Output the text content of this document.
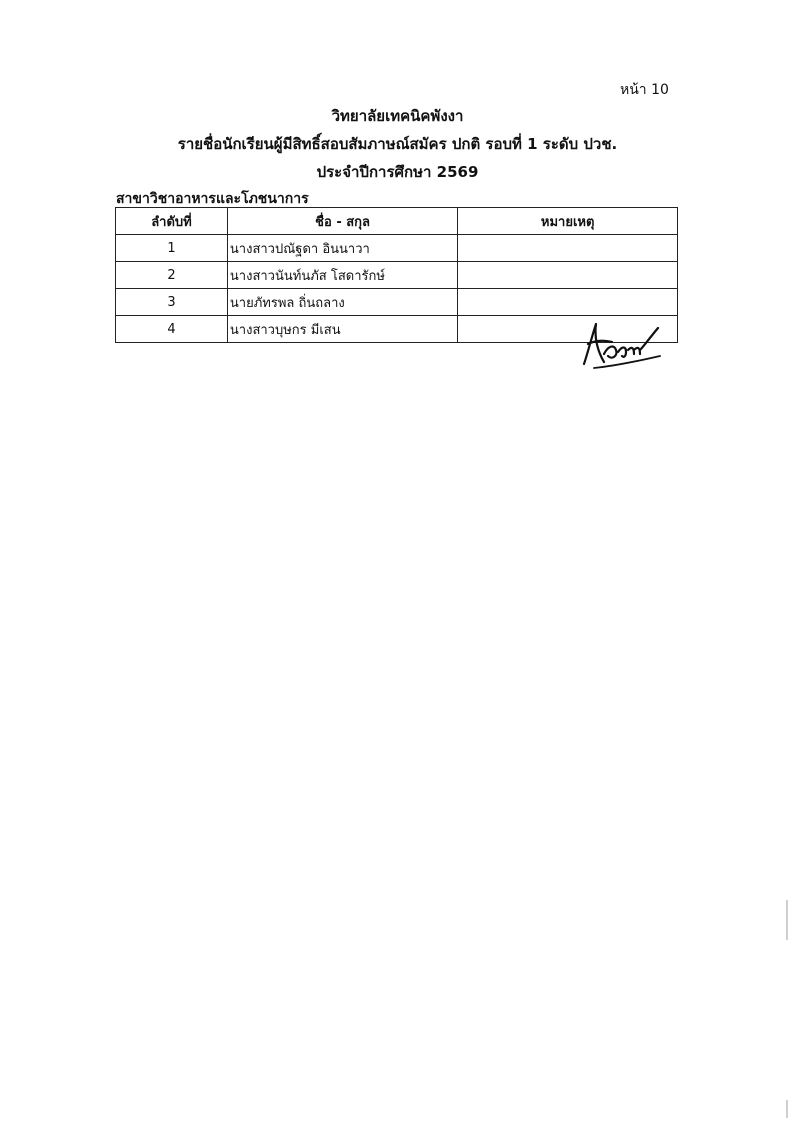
หน้า 10
วิทยาลัยเทคนิคพังงา
รายชื่อนักเรียนผู้มีสิทธิ์สอบสัมภาษณ์สมัคร ปกติ รอบที่ 1 ระดับ ปวช.
ประจำปีการศึกษา 2569
สาขาวิชาอาหารและโภชนาการ
ลำดับที่	ชื่อ - สกุล	หมายเหตุ
1	นางสาวปณัฐดา อินนาวา	
2	นางสาวนันท์นภัส โสดารักษ์	
3	นายภัทรพล ถิ่นถลาง	
4	นางสาวบุษกร มีเสน	
